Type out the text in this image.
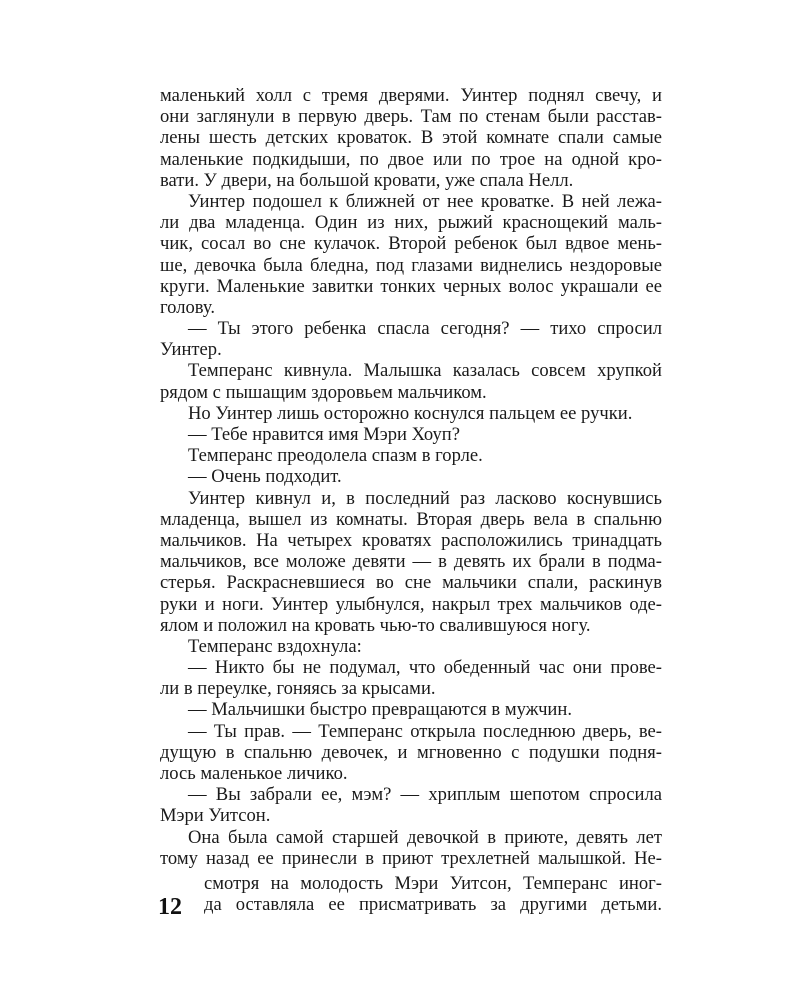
маленький холл с тремя дверями. Уинтер поднял свечу, и
они заглянули в первую дверь. Там по стенам были расстав-
лены шесть детских кроваток. В этой комнате спали самые
маленькие подкидыши, по двое или по трое на одной кро-
вати. У двери, на большой кровати, уже спала Нелл.
Уинтер подошел к ближней от нее кроватке. В ней лежа-
ли два младенца. Один из них, рыжий краснощекий маль-
чик, сосал во сне кулачок. Второй ребенок был вдвое мень-
ше, девочка была бледна, под глазами виднелись нездоровые
круги. Маленькие завитки тонких черных волос украшали ее
голову.
— Ты этого ребенка спасла сегодня? — тихо спросил
Уинтер.
Темперанс кивнула. Малышка казалась совсем хрупкой
рядом с пышащим здоровьем мальчиком.
Но Уинтер лишь осторожно коснулся пальцем ее ручки.
— Тебе нравится имя Мэри Хоуп?
Темперанс преодолела спазм в горле.
— Очень подходит.
Уинтер кивнул и, в последний раз ласково коснувшись
младенца, вышел из комнаты. Вторая дверь вела в спальню
мальчиков. На четырех кроватях расположились тринадцать
мальчиков, все моложе девяти — в девять их брали в подма-
стерья. Раскрасневшиеся во сне мальчики спали, раскинув
руки и ноги. Уинтер улыбнулся, накрыл трех мальчиков оде-
ялом и положил на кровать чью-то свалившуюся ногу.
Темперанс вздохнула:
— Никто бы не подумал, что обеденный час они прове-
ли в переулке, гоняясь за крысами.
— Мальчишки быстро превращаются в мужчин.
— Ты прав. — Темперанс открыла последнюю дверь, ве-
дущую в спальню девочек, и мгновенно с подушки подня-
лось маленькое личико.
— Вы забрали ее, мэм? — хриплым шепотом спросила
Мэри Уитсон.
Она была самой старшей девочкой в приюте, девять лет
тому назад ее принесли в приют трехлетней малышкой. Не-
смотря на молодость Мэри Уитсон, Темперанс иног-
да оставляла ее присматривать за другими детьми.
12
